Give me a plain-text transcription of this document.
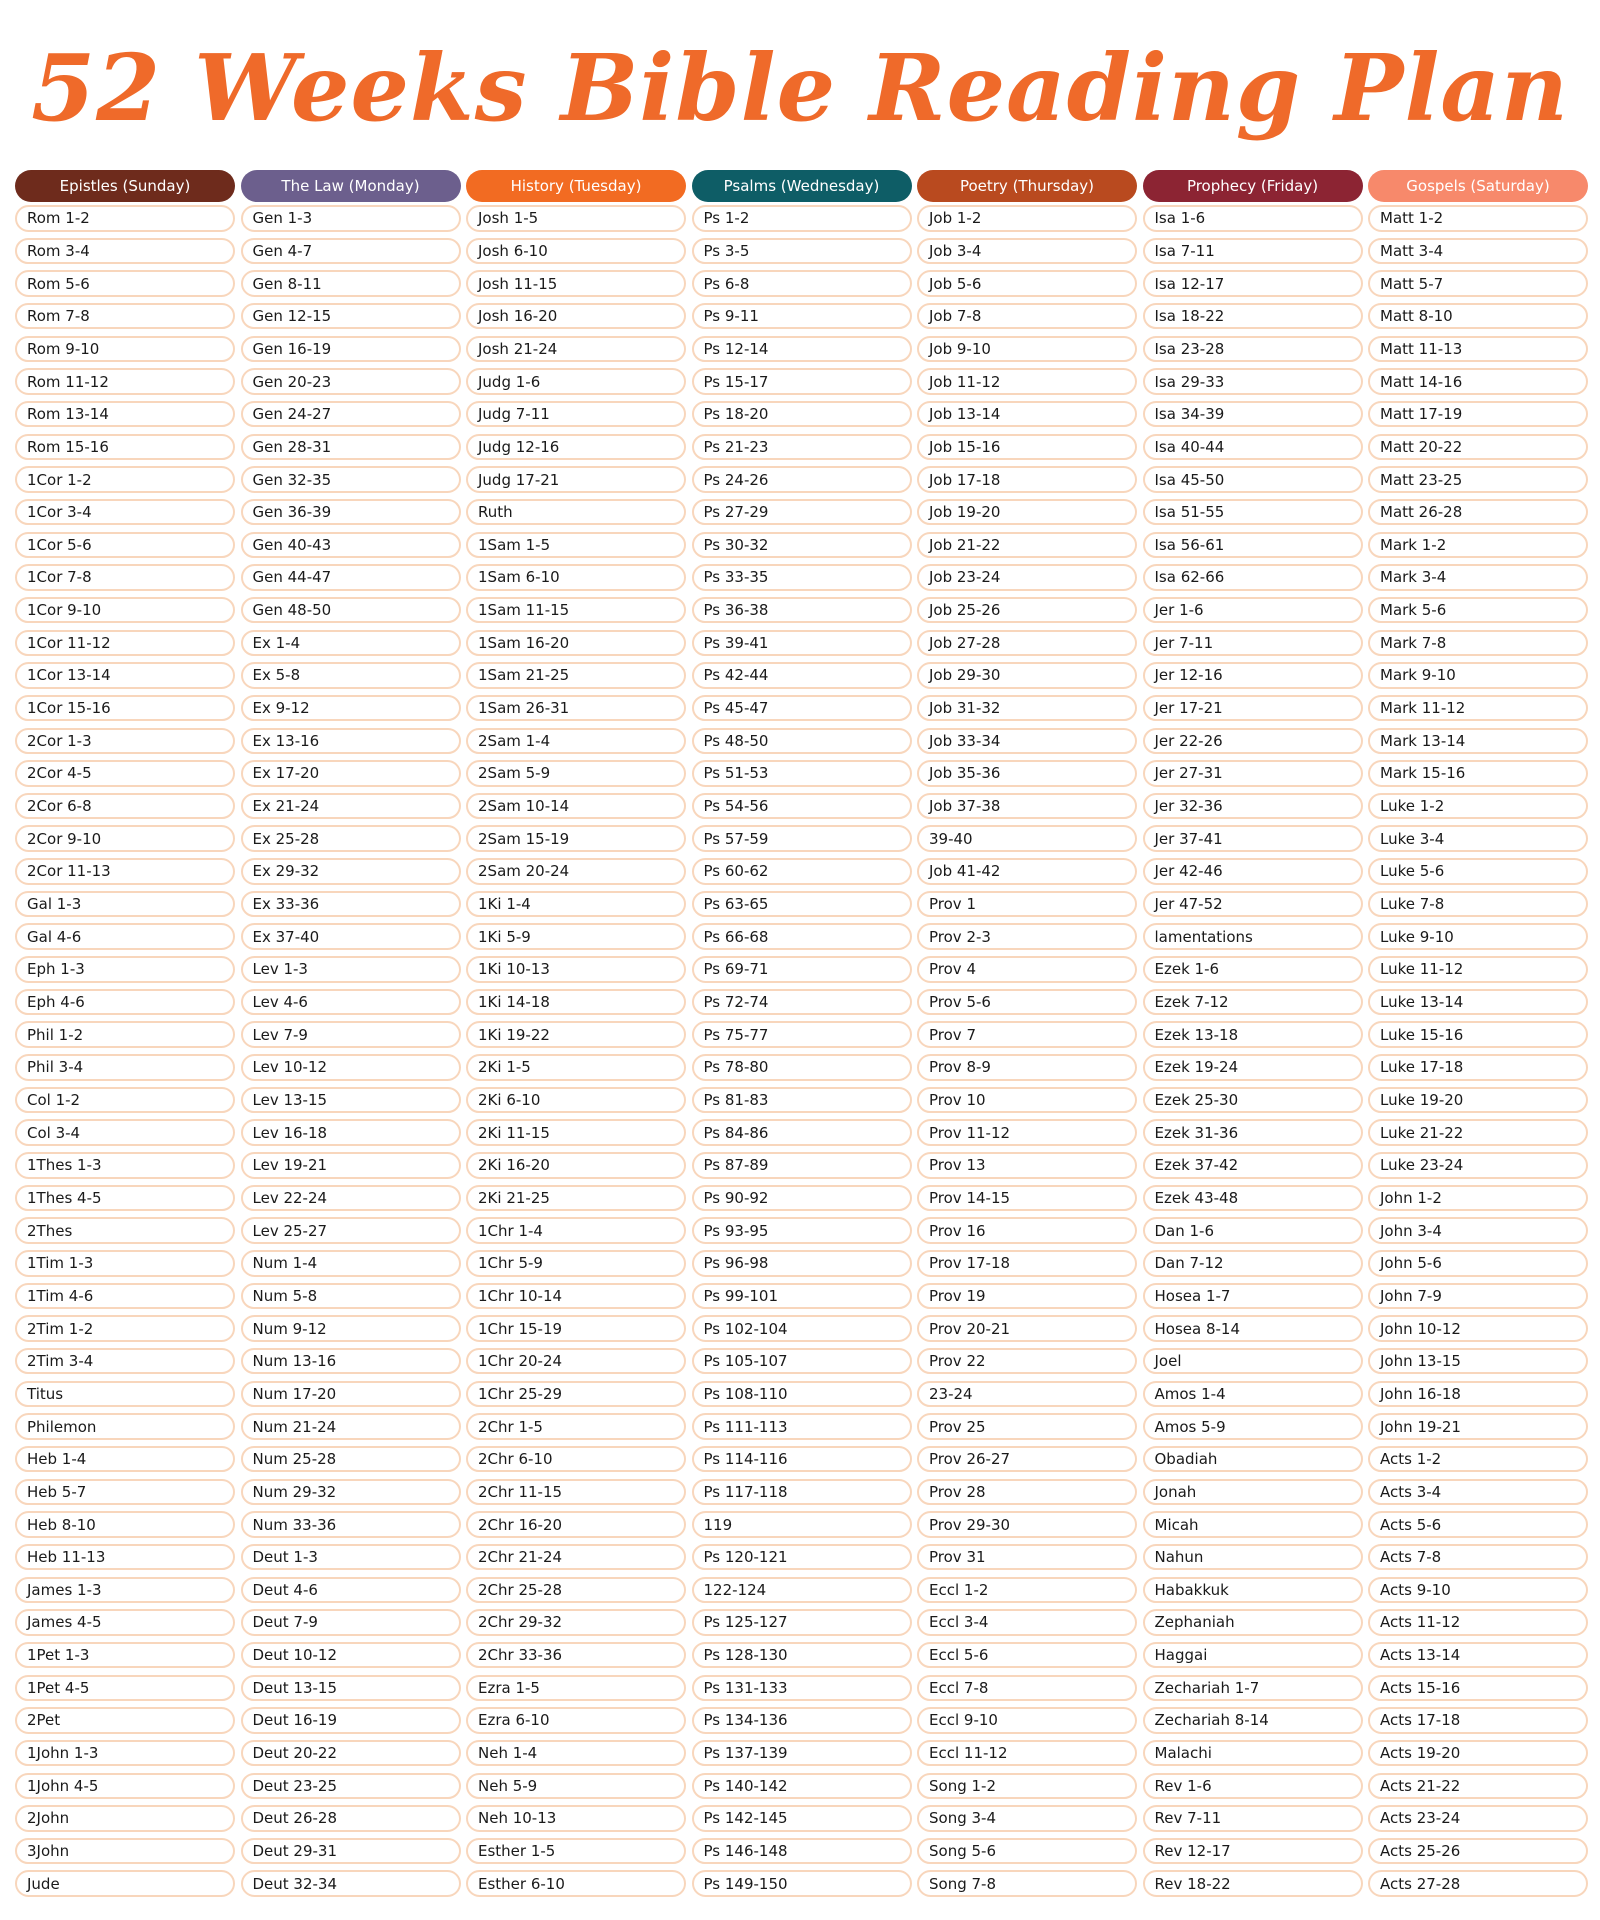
52 Weeks Bible Reading Plan
Epistles (Sunday)
Rom 1-2
Rom 3-4
Rom 5-6
Rom 7-8
Rom 9-10
Rom 11-12
Rom 13-14
Rom 15-16
1Cor 1-2
1Cor 3-4
1Cor 5-6
1Cor 7-8
1Cor 9-10
1Cor 11-12
1Cor 13-14
1Cor 15-16
2Cor 1-3
2Cor 4-5
2Cor 6-8
2Cor 9-10
2Cor 11-13
Gal 1-3
Gal 4-6
Eph 1-3
Eph 4-6
Phil 1-2
Phil 3-4
Col 1-2
Col 3-4
1Thes 1-3
1Thes 4-5
2Thes
1Tim 1-3
1Tim 4-6
2Tim 1-2
2Tim 3-4
Titus
Philemon
Heb 1-4
Heb 5-7
Heb 8-10
Heb 11-13
James 1-3
James 4-5
1Pet 1-3
1Pet 4-5
2Pet
1John 1-3
1John 4-5
2John
3John
Jude
The Law (Monday)
Gen 1-3
Gen 4-7
Gen 8-11
Gen 12-15
Gen 16-19
Gen 20-23
Gen 24-27
Gen 28-31
Gen 32-35
Gen 36-39
Gen 40-43
Gen 44-47
Gen 48-50
Ex 1-4
Ex 5-8
Ex 9-12
Ex 13-16
Ex 17-20
Ex 21-24
Ex 25-28
Ex 29-32
Ex 33-36
Ex 37-40
Lev 1-3
Lev 4-6
Lev 7-9
Lev 10-12
Lev 13-15
Lev 16-18
Lev 19-21
Lev 22-24
Lev 25-27
Num 1-4
Num 5-8
Num 9-12
Num 13-16
Num 17-20
Num 21-24
Num 25-28
Num 29-32
Num 33-36
Deut 1-3
Deut 4-6
Deut 7-9
Deut 10-12
Deut 13-15
Deut 16-19
Deut 20-22
Deut 23-25
Deut 26-28
Deut 29-31
Deut 32-34
History (Tuesday)
Josh 1-5
Josh 6-10
Josh 11-15
Josh 16-20
Josh 21-24
Judg 1-6
Judg 7-11
Judg 12-16
Judg 17-21
Ruth
1Sam 1-5
1Sam 6-10
1Sam 11-15
1Sam 16-20
1Sam 21-25
1Sam 26-31
2Sam 1-4
2Sam 5-9
2Sam 10-14
2Sam 15-19
2Sam 20-24
1Ki 1-4
1Ki 5-9
1Ki 10-13
1Ki 14-18
1Ki 19-22
2Ki 1-5
2Ki 6-10
2Ki 11-15
2Ki 16-20
2Ki 21-25
1Chr 1-4
1Chr 5-9
1Chr 10-14
1Chr 15-19
1Chr 20-24
1Chr 25-29
2Chr 1-5
2Chr 6-10
2Chr 11-15
2Chr 16-20
2Chr 21-24
2Chr 25-28
2Chr 29-32
2Chr 33-36
Ezra 1-5
Ezra 6-10
Neh 1-4
Neh 5-9
Neh 10-13
Esther 1-5
Esther 6-10
Psalms (Wednesday)
Ps 1-2
Ps 3-5
Ps 6-8
Ps 9-11
Ps 12-14
Ps 15-17
Ps 18-20
Ps 21-23
Ps 24-26
Ps 27-29
Ps 30-32
Ps 33-35
Ps 36-38
Ps 39-41
Ps 42-44
Ps 45-47
Ps 48-50
Ps 51-53
Ps 54-56
Ps 57-59
Ps 60-62
Ps 63-65
Ps 66-68
Ps 69-71
Ps 72-74
Ps 75-77
Ps 78-80
Ps 81-83
Ps 84-86
Ps 87-89
Ps 90-92
Ps 93-95
Ps 96-98
Ps 99-101
Ps 102-104
Ps 105-107
Ps 108-110
Ps 111-113
Ps 114-116
Ps 117-118
119
Ps 120-121
122-124
Ps 125-127
Ps 128-130
Ps 131-133
Ps 134-136
Ps 137-139
Ps 140-142
Ps 142-145
Ps 146-148
Ps 149-150
Poetry (Thursday)
Job 1-2
Job 3-4
Job 5-6
Job 7-8
Job 9-10
Job 11-12
Job 13-14
Job 15-16
Job 17-18
Job 19-20
Job 21-22
Job 23-24
Job 25-26
Job 27-28
Job 29-30
Job 31-32
Job 33-34
Job 35-36
Job 37-38
39-40
Job 41-42
Prov 1
Prov 2-3
Prov 4
Prov 5-6
Prov 7
Prov 8-9
Prov 10
Prov 11-12
Prov 13
Prov 14-15
Prov 16
Prov 17-18
Prov 19
Prov 20-21
Prov 22
23-24
Prov 25
Prov 26-27
Prov 28
Prov 29-30
Prov 31
Eccl 1-2
Eccl 3-4
Eccl 5-6
Eccl 7-8
Eccl 9-10
Eccl 11-12
Song 1-2
Song 3-4
Song 5-6
Song 7-8
Prophecy (Friday)
Isa 1-6
Isa 7-11
Isa 12-17
Isa 18-22
Isa 23-28
Isa 29-33
Isa 34-39
Isa 40-44
Isa 45-50
Isa 51-55
Isa 56-61
Isa 62-66
Jer 1-6
Jer 7-11
Jer 12-16
Jer 17-21
Jer 22-26
Jer 27-31
Jer 32-36
Jer 37-41
Jer 42-46
Jer 47-52
lamentations
Ezek 1-6
Ezek 7-12
Ezek 13-18
Ezek 19-24
Ezek 25-30
Ezek 31-36
Ezek 37-42
Ezek 43-48
Dan 1-6
Dan 7-12
Hosea 1-7
Hosea 8-14
Joel
Amos 1-4
Amos 5-9
Obadiah
Jonah
Micah
Nahun
Habakkuk
Zephaniah
Haggai
Zechariah 1-7
Zechariah 8-14
Malachi
Rev 1-6
Rev 7-11
Rev 12-17
Rev 18-22
Gospels (Saturday)
Matt 1-2
Matt 3-4
Matt 5-7
Matt 8-10
Matt 11-13
Matt 14-16
Matt 17-19
Matt 20-22
Matt 23-25
Matt 26-28
Mark 1-2
Mark 3-4
Mark 5-6
Mark 7-8
Mark 9-10
Mark 11-12
Mark 13-14
Mark 15-16
Luke 1-2
Luke 3-4
Luke 5-6
Luke 7-8
Luke 9-10
Luke 11-12
Luke 13-14
Luke 15-16
Luke 17-18
Luke 19-20
Luke 21-22
Luke 23-24
John 1-2
John 3-4
John 5-6
John 7-9
John 10-12
John 13-15
John 16-18
John 19-21
Acts 1-2
Acts 3-4
Acts 5-6
Acts 7-8
Acts 9-10
Acts 11-12
Acts 13-14
Acts 15-16
Acts 17-18
Acts 19-20
Acts 21-22
Acts 23-24
Acts 25-26
Acts 27-28
